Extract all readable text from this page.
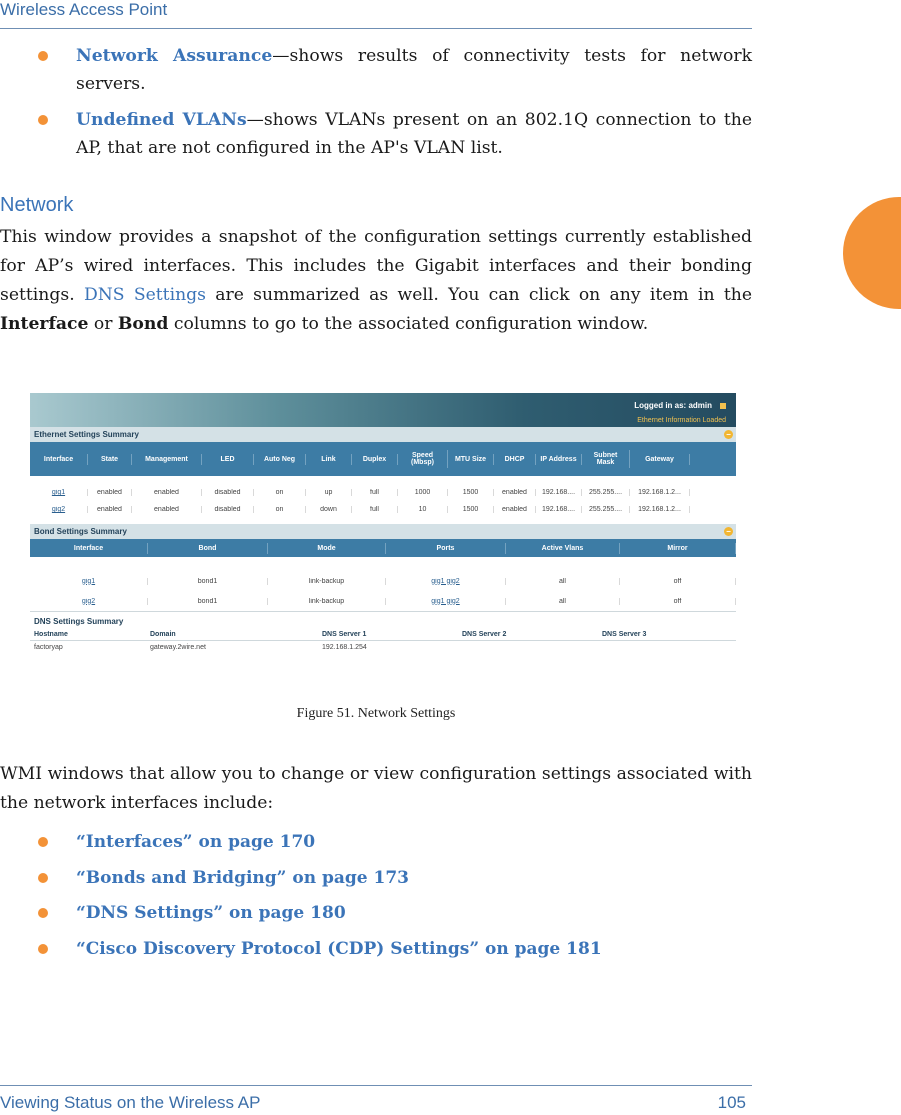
Wireless Access Point
Network Assurance—shows results of connectivity tests for network servers.
Undefined VLANs—shows VLANs present on an 802.1Q connection to the AP, that are not configured in the AP's VLAN list.
Network

This window provides a snapshot of the configuration settings currently established for AP’s wired interfaces. This includes the Gigabit interfaces and their bonding settings. DNS Settings are summarized as well. You can click on any item in the Interface or Bond columns to go to the associated configuration window.

Logged in as: admin
Ethernet Information Loaded
Ethernet Settings Summary	−
Interface	State	Management	LED	Auto Neg	Link	Duplex	Speed (Mbsp)	MTU Size	DHCP	IP Address	Subnet Mask	Gateway
gig1	enabled	enabled	disabled	on	up	full	1000	1500	enabled	192.168....	255.255....	192.168.1.2...
gig2	enabled	enabled	disabled	on	down	full	10	1500	enabled	192.168....	255.255....	192.168.1.2...
Bond Settings Summary	−
Interface	Bond	Mode	Ports	Active Vlans	Mirror
gig1	bond1	link-backup	gig1 gig2	all	off
gig2	bond1	link-backup	gig1 gig2	all	off
DNS Settings Summary
Hostname	Domain	DNS Server 1	DNS Server 2	DNS Server 3
factoryap	gateway.2wire.net	192.168.1.254
Figure 51. Network Settings

WMI windows that allow you to change or view configuration settings associated with the network interfaces include:

“Interfaces” on page 170
“Bonds and Bridging” on page 173
“DNS Settings” on page 180
“Cisco Discovery Protocol (CDP) Settings” on page 181
Viewing Status on the Wireless AP	105
